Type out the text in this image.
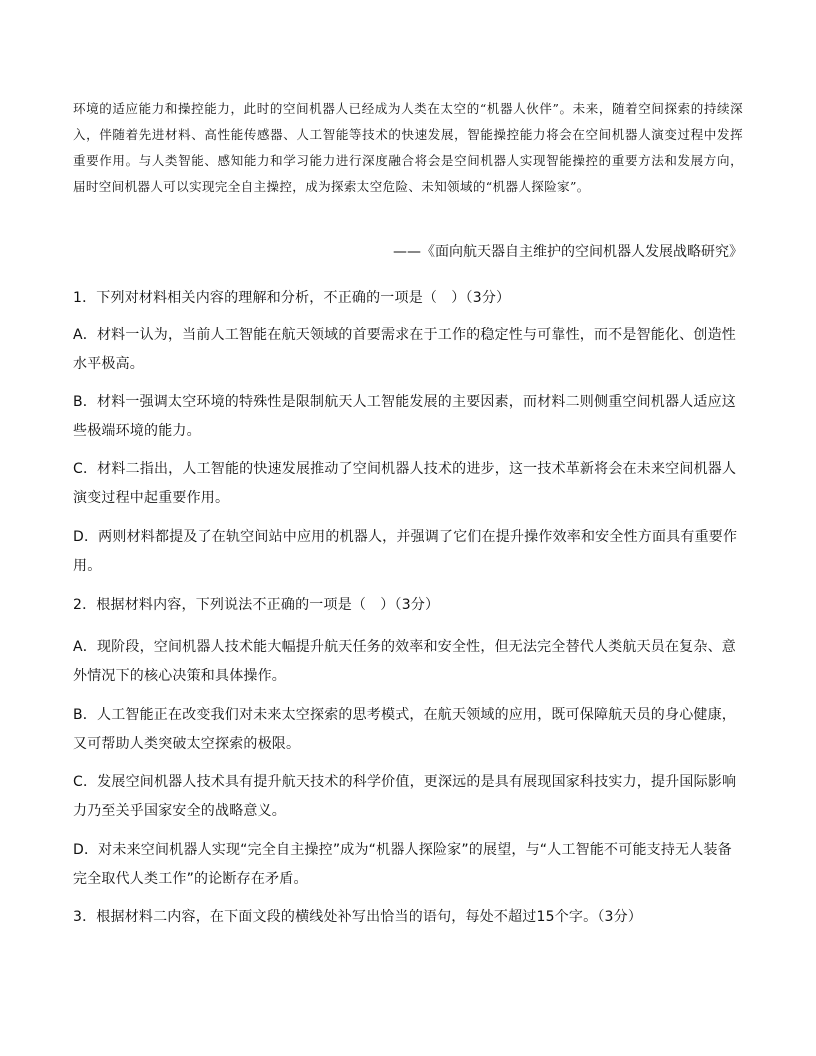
环境的适应能力和操控能力，此时的空间机器人已经成为人类在太空的“机器人伙伴”。未来，随着空间探索的持续深入，伴随着先进材料、高性能传感器、人工智能等技术的快速发展，智能操控能力将会在空间机器人演变过程中发挥重要作用。与人类智能、感知能力和学习能力进行深度融合将会是空间机器人实现智能操控的重要方法和发展方向，届时空间机器人可以实现完全自主操控，成为探索太空危险、未知领域的“机器人探险家”。
——《面向航天器自主维护的空间机器人发展战略研究》
1．下列对材料相关内容的理解和分析，不正确的一项是（　）（3分）
A．材料一认为，当前人工智能在航天领域的首要需求在于工作的稳定性与可靠性，而不是智能化、创造性水平极高。
B．材料一强调太空环境的特殊性是限制航天人工智能发展的主要因素，而材料二则侧重空间机器人适应这些极端环境的能力。
C．材料二指出，人工智能的快速发展推动了空间机器人技术的进步，这一技术革新将会在未来空间机器人演变过程中起重要作用。
D．两则材料都提及了在轨空间站中应用的机器人，并强调了它们在提升操作效率和安全性方面具有重要作用。
2．根据材料内容，下列说法不正确的一项是（　）（3分）
A．现阶段，空间机器人技术能大幅提升航天任务的效率和安全性，但无法完全替代人类航天员在复杂、意外情况下的核心决策和具体操作。
B．人工智能正在改变我们对未来太空探索的思考模式，在航天领域的应用，既可保障航天员的身心健康，又可帮助人类突破太空探索的极限。
C．发展空间机器人技术具有提升航天技术的科学价值，更深远的是具有展现国家科技实力，提升国际影响力乃至关乎国家安全的战略意义。
D．对未来空间机器人实现“完全自主操控”成为“机器人探险家”的展望，与“人工智能不可能支持无人装备完全取代人类工作”的论断存在矛盾。
3．根据材料二内容，在下面文段的横线处补写出恰当的语句，每处不超过15个字。（3分）
